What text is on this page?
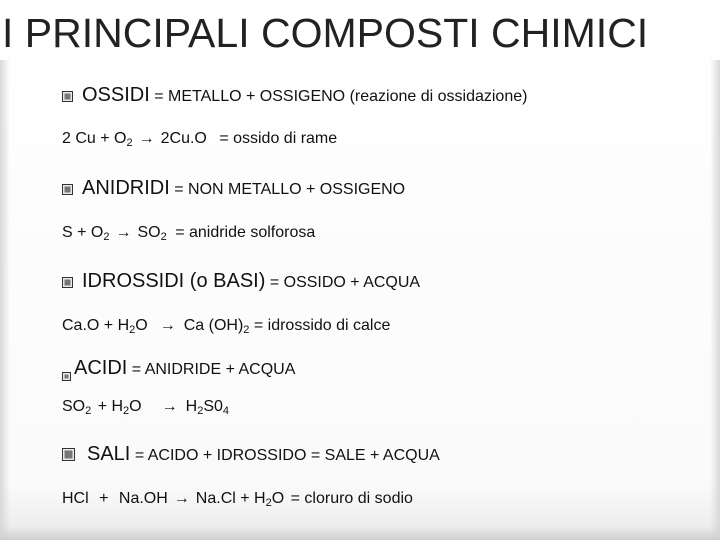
I PRINCIPALI COMPOSTI CHIMICI
OSSIDI = METALLO + OSSIGENO (reazione di ossidazione)
2 $Cu + O_2 \to 2Cu.O$ = ossido di rame
ANIDRIDI = NON METALLO + OSSIGENO
$S + O_2 \to SO_2$ = anidride solforosa
IDROSSIDI (o BASI) = OSSIDO + ACQUA
$Ca.O + H_2O \to Ca$ $(OH)_2$ = idrossido di calce
ACIDI = ANIDRIDE + ACQUA
$SO_2 + H_2O \to H_2S0_4$
SALI = ACIDO + IDROSSIDO = SALE + ACQUA
HCl + $Na.OH \to Na.Cl + H_2O$ = cloruro di sodio
